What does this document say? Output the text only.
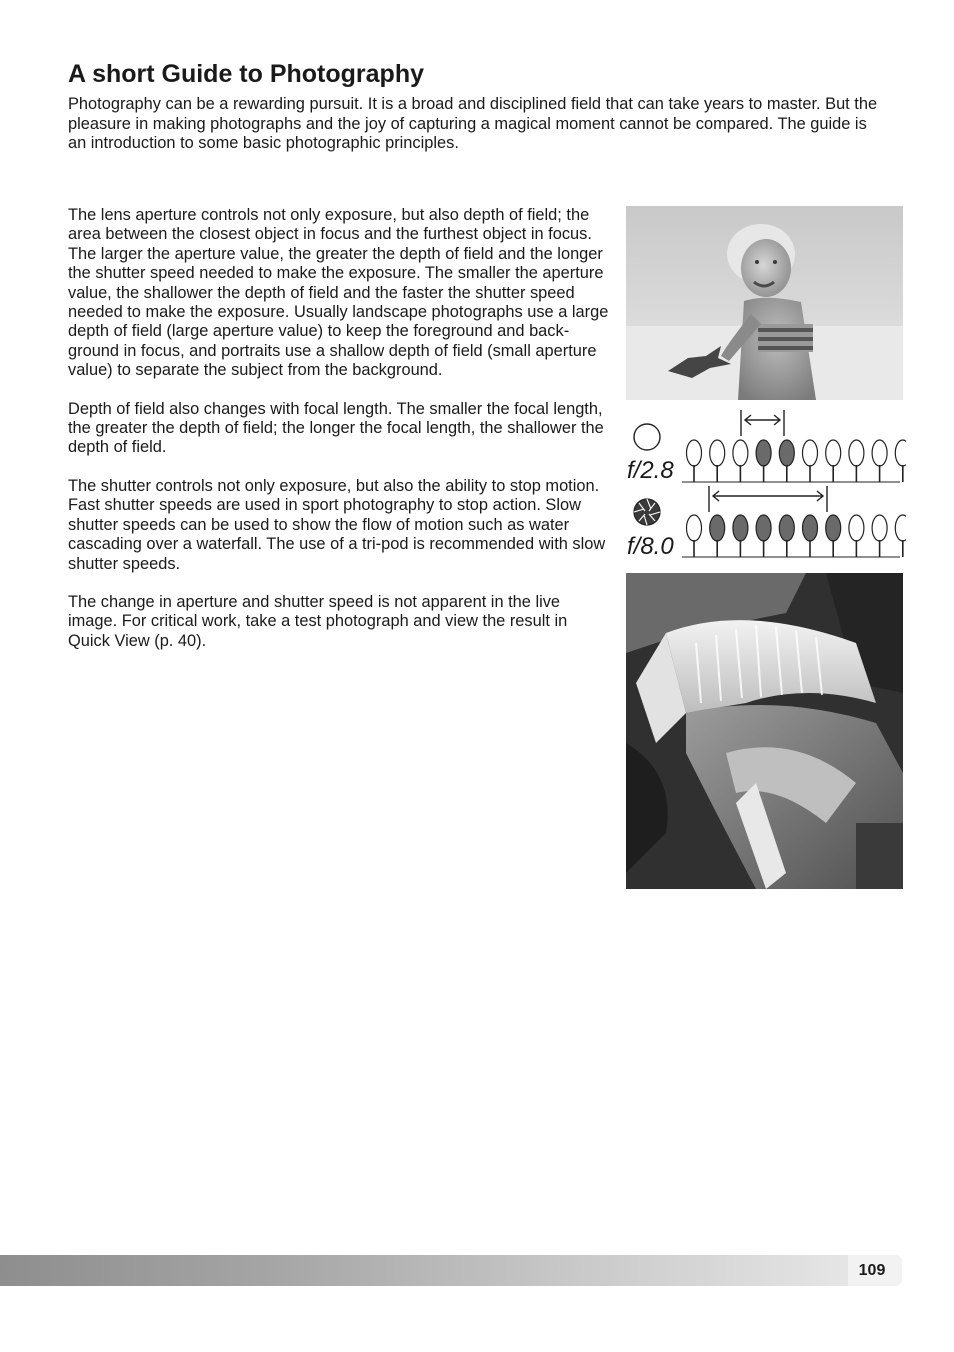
A short Guide to Photography

Photography can be a rewarding pursuit. It is a broad and disciplined field that can take years to master. But the pleasure in making photographs and the joy of capturing a magical moment cannot be compared. The guide is an introduction to some basic photographic principles.

The lens aperture controls not only exposure, but also depth of field; the area between the closest object in focus and the furthest object in focus. The larger the aperture value, the greater the depth of field and the longer the shutter speed needed to make the exposure. The smaller the aperture value, the shallower the depth of field and the faster the shutter speed needed to make the exposure. Usually landscape photographs use a large depth of field (large aperture value) to keep the foreground and back-ground in focus, and portraits use a shallow depth of field (small aperture value) to separate the subject from the background.

Depth of field also changes with focal length. The smaller the focal length, the greater the depth of field; the longer the focal length, the shallower the depth of field.

The shutter controls not only exposure, but also the ability to stop motion. Fast shutter speeds are used in sport photography to stop action. Slow shutter speeds can be used to show the flow of motion such as water cascading over a waterfall. The use of a tri-pod is recommended with slow shutter speeds.

The change in aperture and shutter speed is not apparent in the live image. For critical work, take a test photograph and view the result in Quick View (p. 40).

f/2.8
f/8.0
109
